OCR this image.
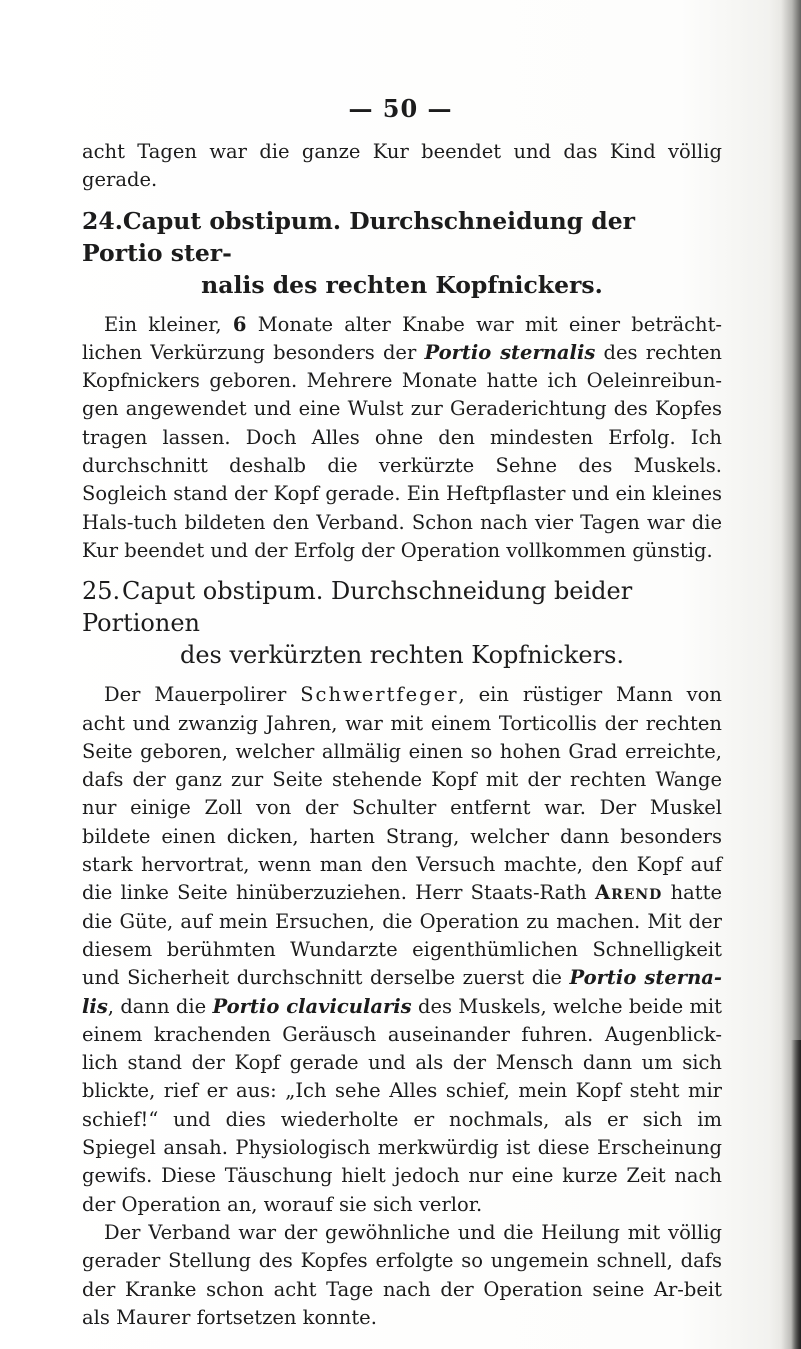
— 50 —

acht Tagen war die ganze Kur beendet und das Kind völlig gerade.

24.Caput obstipum. Durchschneidung der Portio ster-
nalis des rechten Kopfnickers.

Ein kleiner, 6 Monate alter Knabe war mit einer beträcht-lichen Verkürzung besonders der Portio sternalis des rechten Kopfnickers geboren. Mehrere Monate hatte ich Oeleinreibun-gen angewendet und eine Wulst zur Geraderichtung des Kopfes tragen lassen. Doch Alles ohne den mindesten Erfolg. Ich durchschnitt deshalb die verkürzte Sehne des Muskels. Sogleich stand der Kopf gerade. Ein Heftpflaster und ein kleines Hals-tuch bildeten den Verband. Schon nach vier Tagen war die Kur beendet und der Erfolg der Operation vollkommen günstig.

25.Caput obstipum. Durchschneidung beider Portionen
des verkürzten rechten Kopfnickers.

Der Mauerpolirer Schwertfeger, ein rüstiger Mann von acht und zwanzig Jahren, war mit einem Torticollis der rechten Seite geboren, welcher allmälig einen so hohen Grad erreichte, dafs der ganz zur Seite stehende Kopf mit der rechten Wange nur einige Zoll von der Schulter entfernt war. Der Muskel bildete einen dicken, harten Strang, welcher dann besonders stark hervortrat, wenn man den Versuch machte, den Kopf auf die linke Seite hinüberzuziehen. Herr Staats-Rath Arend hatte die Güte, auf mein Ersuchen, die Operation zu machen. Mit der diesem berühmten Wundarzte eigenthümlichen Schnelligkeit und Sicherheit durchschnitt derselbe zuerst die Portio sterna-lis, dann die Portio clavicularis des Muskels, welche beide mit einem krachenden Geräusch auseinander fuhren. Augenblick-lich stand der Kopf gerade und als der Mensch dann um sich blickte, rief er aus: „Ich sehe Alles schief, mein Kopf steht mir schief!“ und dies wiederholte er nochmals, als er sich im Spiegel ansah. Physiologisch merkwürdig ist diese Erscheinung gewifs. Diese Täuschung hielt jedoch nur eine kurze Zeit nach der Operation an, worauf sie sich verlor.

Der Verband war der gewöhnliche und die Heilung mit völlig gerader Stellung des Kopfes erfolgte so ungemein schnell, dafs der Kranke schon acht Tage nach der Operation seine Ar-beit als Maurer fortsetzen konnte.
